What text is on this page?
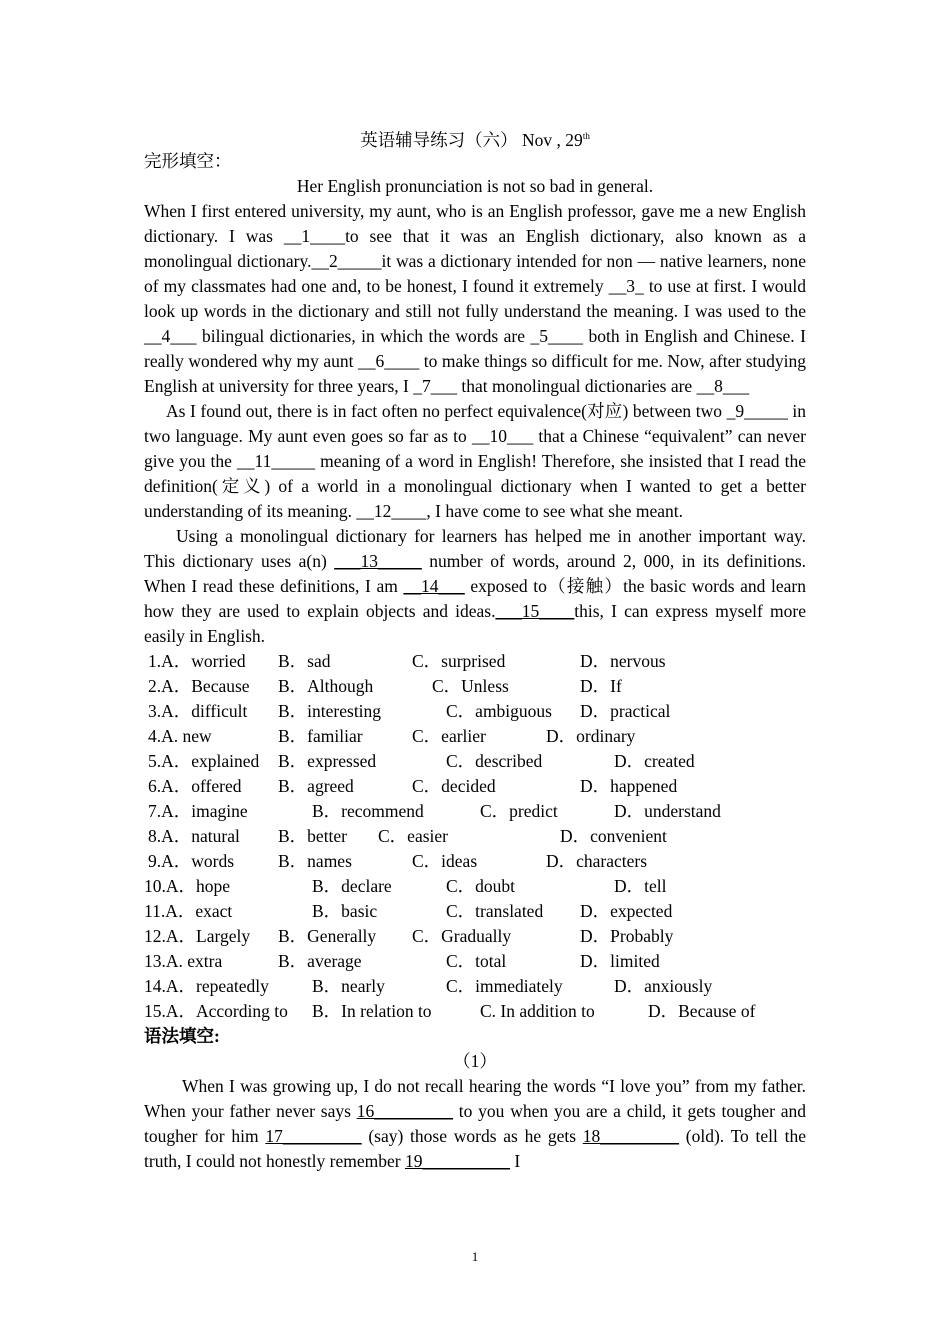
英语辅导练习（六） Nov , 29th
完形填空：
Her English pronunciation is not so bad in general.

When I first entered university, my aunt, who is an English professor, gave me a new English dictionary. I was __1____to see that it was an English dictionary, also known as a monolingual dictionary.__2_____it was a dictionary intended for non — native learners, none of my classmates had one and, to be honest, I found it extremely __3_ to use at first. I would look up words in the dictionary and still not fully understand the meaning. I was used to the __4___ bilingual dictionaries, in which the words are _5____ both in English and Chinese. I really wondered why my aunt __6____ to make things so difficult for me. Now, after studying English at university for three years, I _7___ that monolingual dictionaries are __8___

As I found out, there is in fact often no perfect equivalence(对应) between two _9_____ in two language. My aunt even goes so far as to __10___ that a Chinese “equivalent” can never give you the __11_____ meaning of a word in English! Therefore, she insisted that I read the definition(定义) of a world in a monolingual dictionary when I wanted to get a better understanding of its meaning. __12____, I have come to see what she meant.

Using a monolingual dictionary for learners has helped me in another important way. This dictionary uses a(n) ___13_____ number of words, around 2, 000, in its definitions. When I read these definitions, I am __14___ exposed to（接触）the basic words and learn how they are used to explain objects and ideas.___15____this, I can express myself more easily in English.

1.A．worried B．sad	C．surprised	D．nervous
2.A．Because B．Although	C．Unless	D．If
3.A．difficult B．interesting	C．ambiguous D．practical
4.A. new	B．familiar	C．earlier	D．ordinary
5.A．explained B．expressed	C．described	D．created
6.A．offered B．agreed	C．decided	D．happened
7.A．imagine	B．recommend	C．predict	D．understand
8.A．natural B．better C．easier	D．convenient
9.A．words	B．names	C．ideas	D．characters
10.A．hope	B．declare	C．doubt	D．tell
11.A．exact	B．basic	C．translated D．expected
12.A．Largely B．Generally C．Gradually	D．Probably
13.A. extra	B．average	C．total	D．limited
14.A．repeatedly B．nearly	C．immediately	D．anxiously
15.A．According to B．In relation to	C. In addition to	D．Because of
语法填空:
（1）

When I was growing up, I do not recall hearing the words “I love you” from my father. When your father never says 16_________ to you when you are a child, it gets tougher and tougher for him 17_________ (say) those words as he gets 18_________ (old). To tell the truth, I could not honestly remember 19__________ I

1
